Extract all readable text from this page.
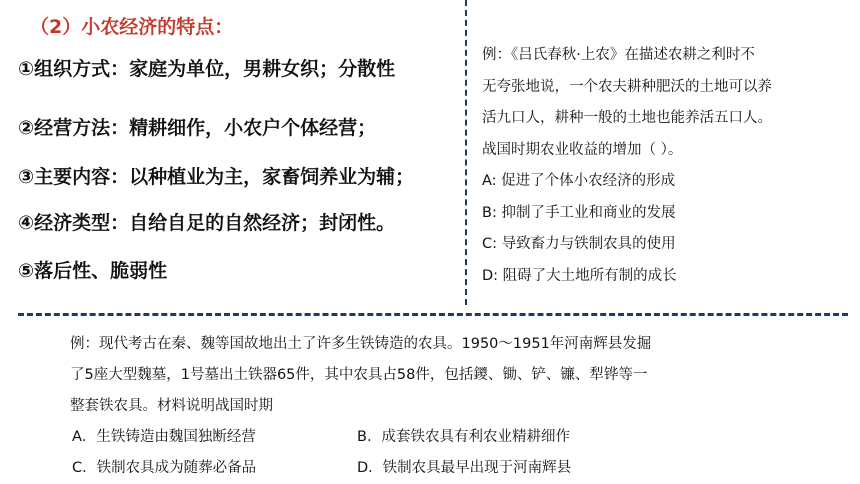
（2）小农经济的特点：
①组织方式：家庭为单位，男耕女织；分散性
②经营方法：精耕细作，小农户个体经营；
③主要内容：以种植业为主，家畜饲养业为辅；
④经济类型：自给自足的自然经济；封闭性。
⑤落后性、脆弱性
例：《吕氏春秋·上农》在描述农耕之利时不
无夸张地说，一个农夫耕种肥沃的土地可以养
活九口人，耕种一般的土地也能养活五口人。
战国时期农业收益的增加（ ）。
A: 促进了个体小农经济的形成
B: 抑制了手工业和商业的发展
C: 导致畜力与铁制农具的使用
D: 阻碍了大土地所有制的成长
例：现代考古在秦、魏等国故地出土了许多生铁铸造的农具。1950～1951年河南辉县发掘
了5座大型魏墓，1号墓出土铁器65件，其中农具占58件，包括鑁、锄、铲、镰、犁铧等一
整套铁农具。材料说明战国时期
A．生铁铸造由魏国独断经营	B．成套铁农具有利农业精耕细作
C．铁制农具成为随葬必备品	D．铁制农具最早出现于河南辉县
